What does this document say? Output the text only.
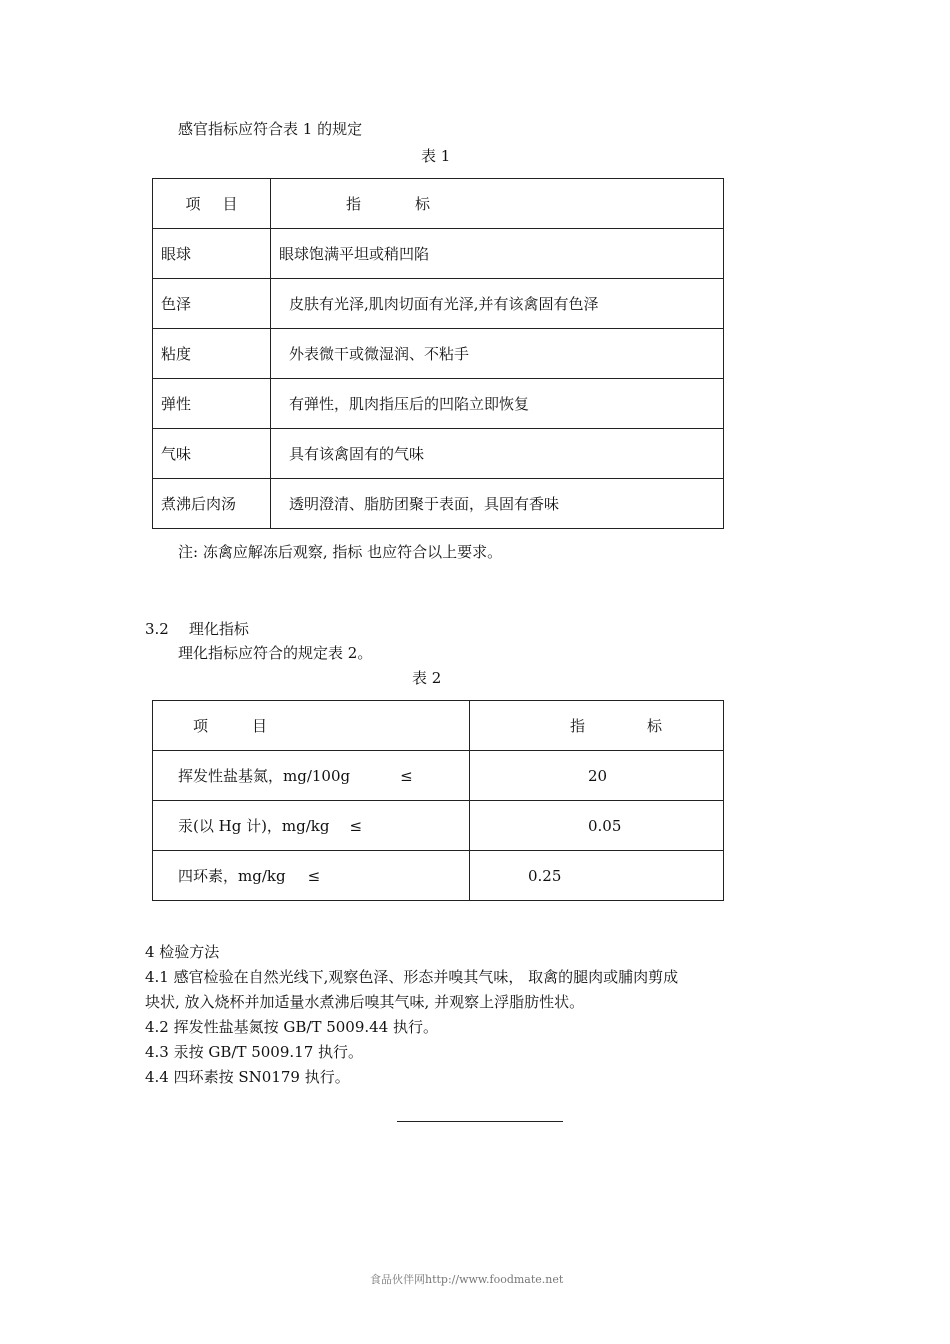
感官指标应符合表 1 的规定
表 1
项 目	指 标
眼球	眼球饱满平坦或稍凹陷
色泽	皮肤有光泽,肌肉切面有光泽,并有该禽固有色泽
粘度	外表微干或微湿润、不粘手
弹性	有弹性，肌肉指压后的凹陷立即恢复
气味	具有该禽固有的气味
煮沸后肉汤	透明澄清、脂肪团聚于表面，具固有香味
注: 冻禽应解冻后观察, 指标 也应符合以上要求。
3.2 理化指标
理化指标应符合的规定表 2。
表 2
项 目	指 标
挥发性盐基氮，mg/100g ≤	20
汞(以 Hg 计)，mg/kg ≤	0.05
四环素，mg/kg ≤	0.25
4 检验方法
4.1 感官检验在自然光线下,观察色泽、形态并嗅其气味， 取禽的腿肉或脯肉剪成
块状, 放入烧杯并加适量水煮沸后嗅其气味, 并观察上浮脂肪性状。
4.2 挥发性盐基氮按 GB/T 5009.44 执行。
4.3 汞按 GB/T 5009.17 执行。
4.4 四环素按 SN0179 执行。
食品伙伴网http://www.foodmate.net
